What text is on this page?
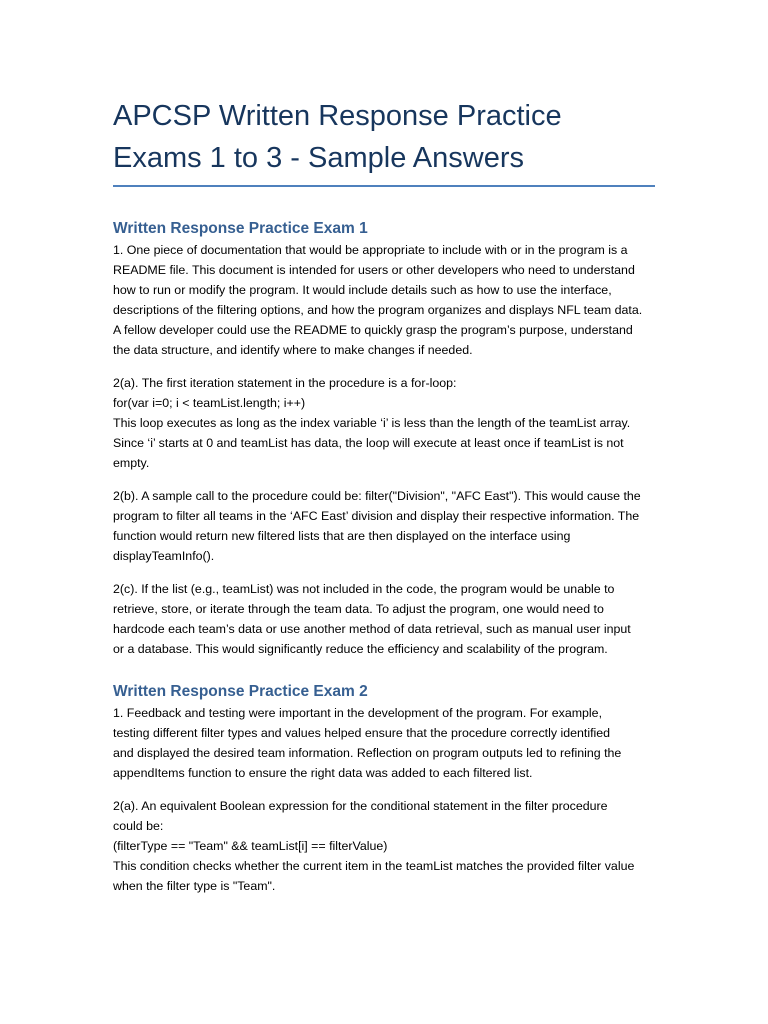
APCSP Written Response Practice
Exams 1 to 3 - Sample Answers
Written Response Practice Exam 1

1. One piece of documentation that would be appropriate to include with or in the program is a
README file. This document is intended for users or other developers who need to understand
how to run or modify the program. It would include details such as how to use the interface,
descriptions of the filtering options, and how the program organizes and displays NFL team data.
A fellow developer could use the README to quickly grasp the program’s purpose, understand
the data structure, and identify where to make changes if needed.

2(a). The first iteration statement in the procedure is a for-loop:
for(var i=0; i < teamList.length; i++)
This loop executes as long as the index variable ‘i’ is less than the length of the teamList array.
Since ‘i’ starts at 0 and teamList has data, the loop will execute at least once if teamList is not
empty.

2(b). A sample call to the procedure could be: filter("Division", "AFC East"). This would cause the
program to filter all teams in the ‘AFC East’ division and display their respective information. The
function would return new filtered lists that are then displayed on the interface using
displayTeamInfo().

2(c). If the list (e.g., teamList) was not included in the code, the program would be unable to
retrieve, store, or iterate through the team data. To adjust the program, one would need to
hardcode each team’s data or use another method of data retrieval, such as manual user input
or a database. This would significantly reduce the efficiency and scalability of the program.

Written Response Practice Exam 2

1. Feedback and testing were important in the development of the program. For example,
testing different filter types and values helped ensure that the procedure correctly identified
and displayed the desired team information. Reflection on program outputs led to refining the
appendItems function to ensure the right data was added to each filtered list.

2(a). An equivalent Boolean expression for the conditional statement in the filter procedure
could be:
(filterType == "Team" && teamList[i] == filterValue)
This condition checks whether the current item in the teamList matches the provided filter value
when the filter type is "Team".
